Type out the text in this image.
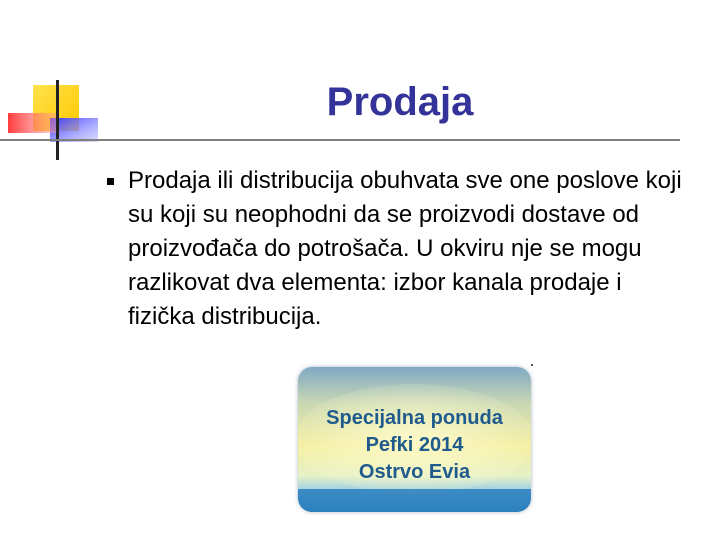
Prodaja

Prodaja ili distribucija obuhvata sve one poslove koji su koji su neophodni da se proizvodi dostave od proizvođača do potrošača. U okviru nje se mogu razlikovat dva elementa: izbor kanala prodaje i fizička distribucija.

Specijalna ponuda
Pefki 2014
Ostrvo Evia
